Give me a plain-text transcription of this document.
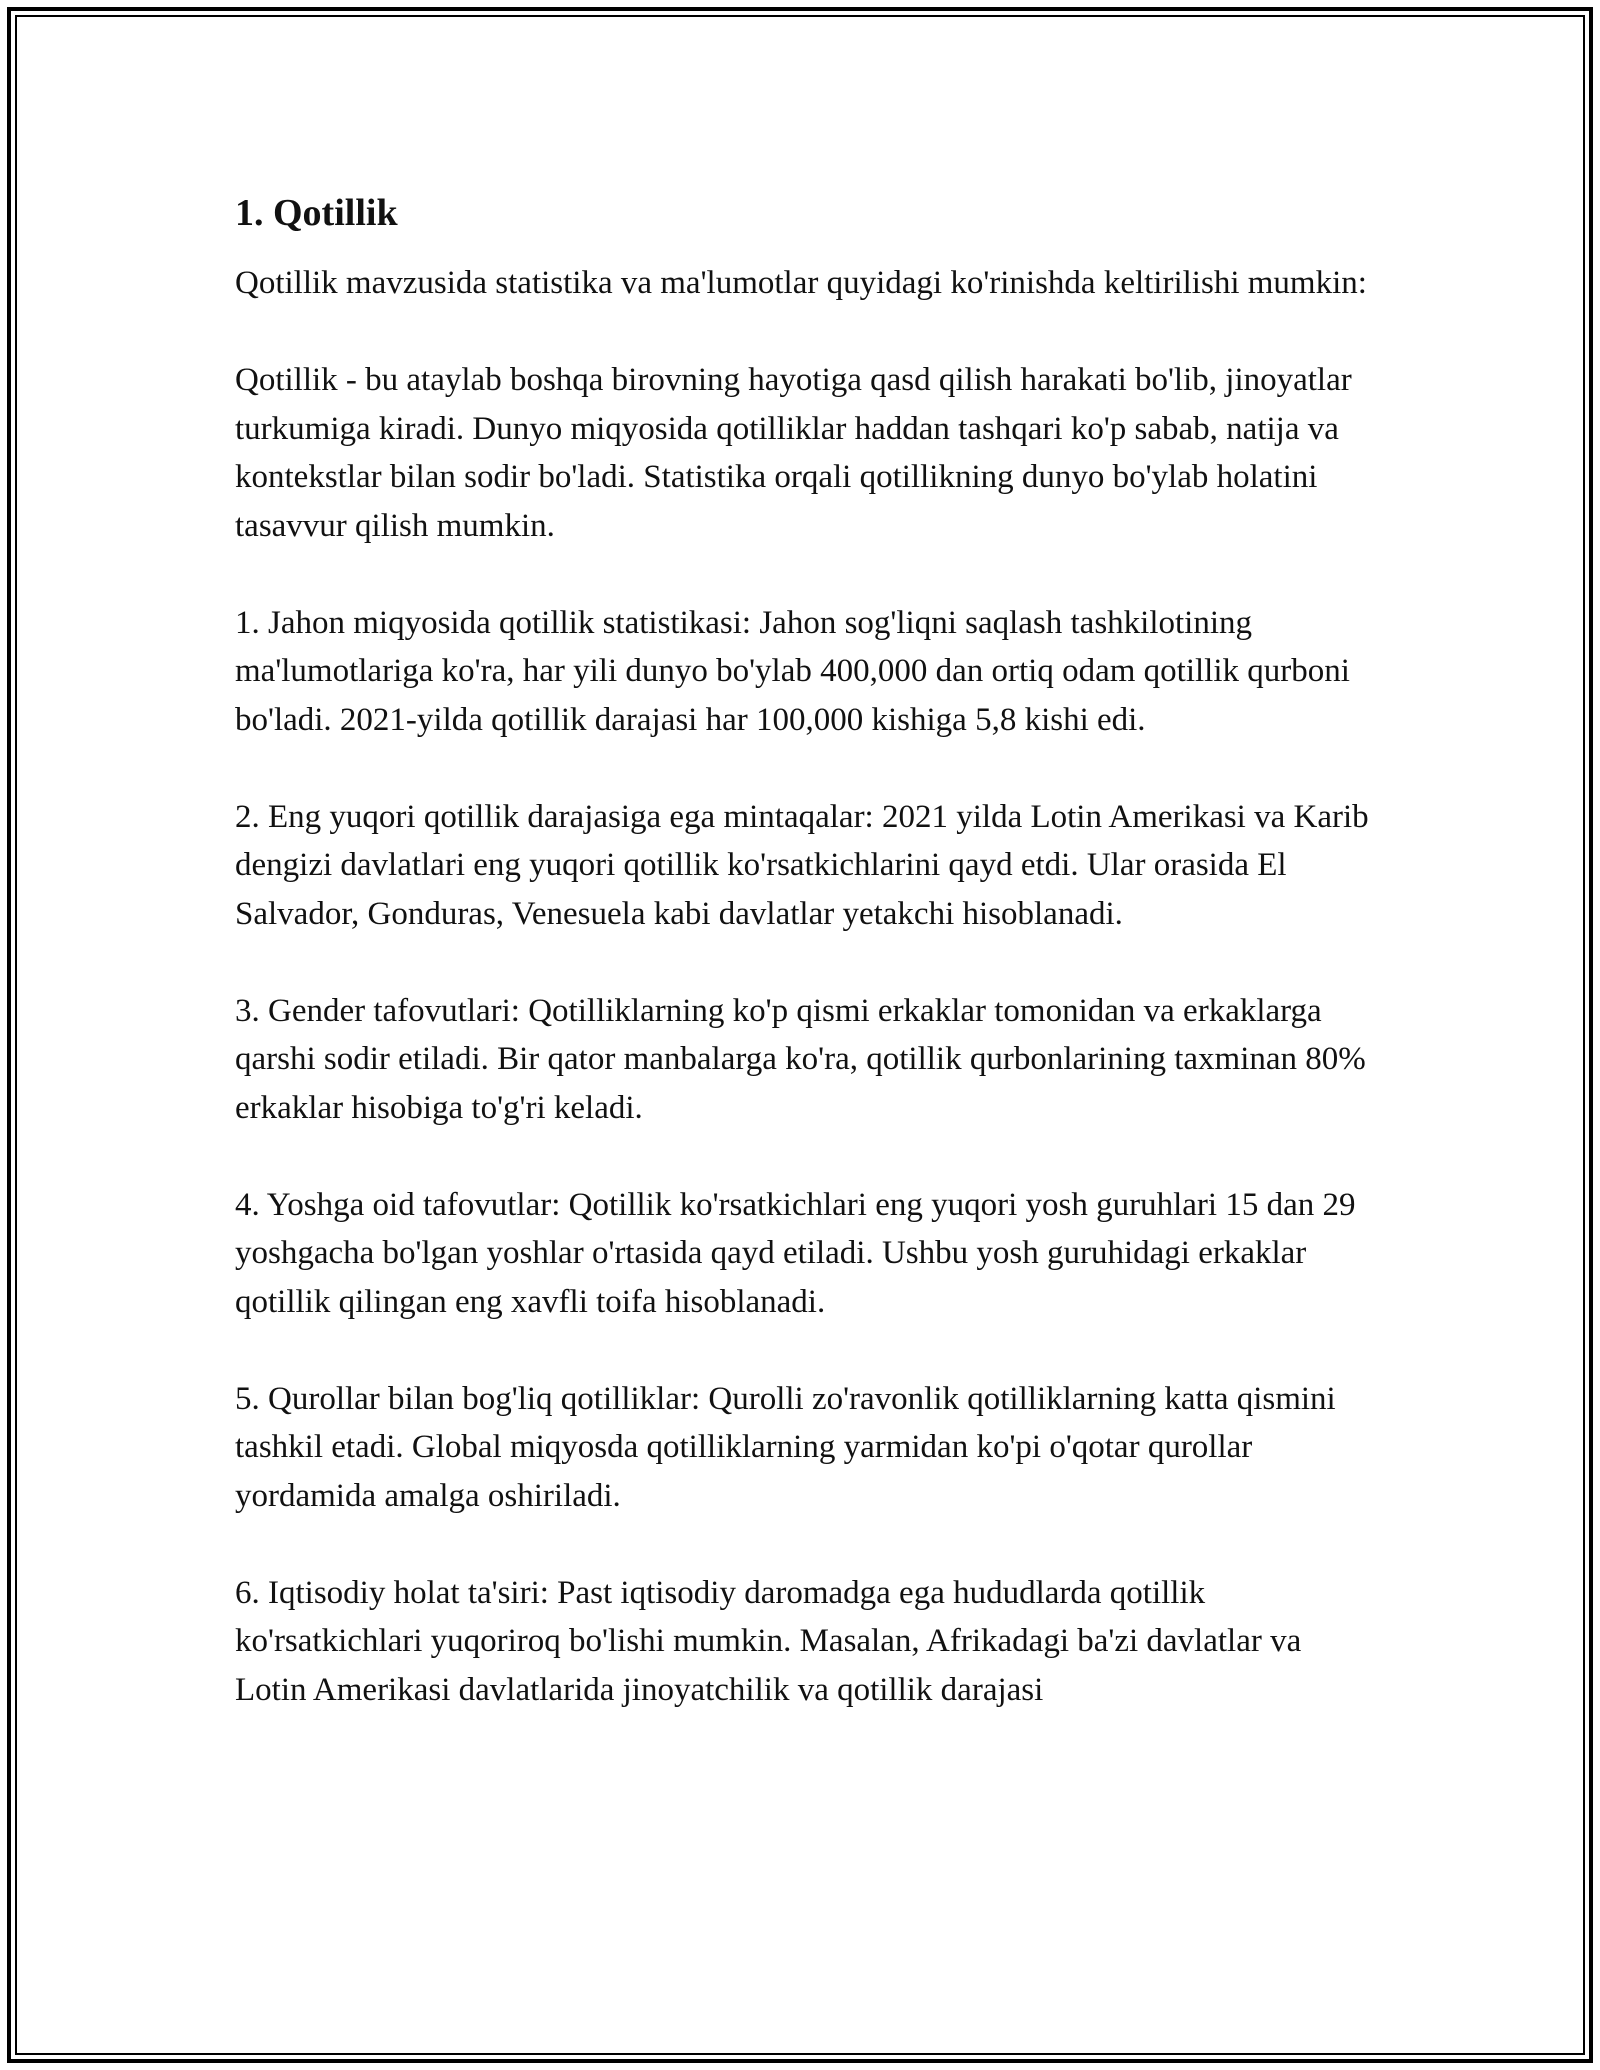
1. Qotillik

Qotillik mavzusida statistika va ma'lumotlar quyidagi ko'rinishda keltirilishi mumkin:

Qotillik - bu ataylab boshqa birovning hayotiga qasd qilish harakati bo'lib, jinoyatlar turkumiga kiradi. Dunyo miqyosida qotilliklar haddan tashqari ko'p sabab, natija va kontekstlar bilan sodir bo'ladi. Statistika orqali qotillikning dunyo bo'ylab holatini tasavvur qilish mumkin.

1. Jahon miqyosida qotillik statistikasi: Jahon sog'liqni saqlash tashkilotining ma'lumotlariga ko'ra, har yili dunyo bo'ylab 400,000 dan ortiq odam qotillik qurboni bo'ladi. 2021-yilda qotillik darajasi har 100,000 kishiga 5,8 kishi edi.

2. Eng yuqori qotillik darajasiga ega mintaqalar: 2021 yilda Lotin Amerikasi va Karib dengizi davlatlari eng yuqori qotillik ko'rsatkichlarini qayd etdi. Ular orasida El Salvador, Gonduras, Venesuela kabi davlatlar yetakchi hisoblanadi.

3. Gender tafovutlari: Qotilliklarning ko'p qismi erkaklar tomonidan va erkaklarga qarshi sodir etiladi. Bir qator manbalarga ko'ra, qotillik qurbonlarining taxminan 80% erkaklar hisobiga to'g'ri keladi.

4. Yoshga oid tafovutlar: Qotillik ko'rsatkichlari eng yuqori yosh guruhlari 15 dan 29 yoshgacha bo'lgan yoshlar o'rtasida qayd etiladi. Ushbu yosh guruhidagi erkaklar qotillik qilingan eng xavfli toifa hisoblanadi.

5. Qurollar bilan bog'liq qotilliklar: Qurolli zo'ravonlik qotilliklarning katta qismini tashkil etadi. Global miqyosda qotilliklarning yarmidan ko'pi o'qotar qurollar yordamida amalga oshiriladi.

6. Iqtisodiy holat ta'siri: Past iqtisodiy daromadga ega hududlarda qotillik ko'rsatkichlari yuqoriroq bo'lishi mumkin. Masalan, Afrikadagi ba'zi davlatlar va Lotin Amerikasi davlatlarida jinoyatchilik va qotillik darajasi
